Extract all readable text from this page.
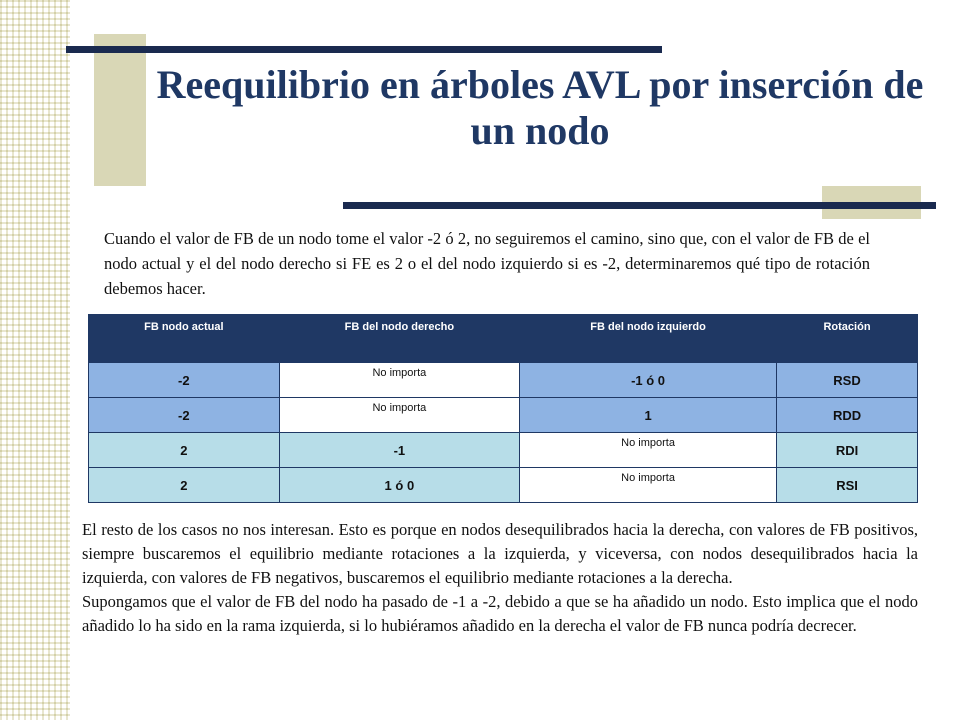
Reequilibrio en árboles AVL por inserción de un nodo

Cuando el valor de FB de un nodo tome el valor -2 ó 2, no seguiremos el camino, sino que, con el valor de FB de el nodo actual y el del nodo derecho si FE es 2 o el del nodo izquierdo si es -2, determinaremos qué tipo de rotación debemos hacer.

FB nodo actual	FB del nodo derecho	FB del nodo izquierdo	Rotación
-2	No importa	-1 ó 0	RSD
-2	No importa	1	RDD
2	-1	No importa	RDI
2	1 ó 0	No importa	RSI

El resto de los casos no nos interesan. Esto es porque en nodos desequilibrados hacia la derecha, con valores de FB positivos, siempre buscaremos el equilibrio mediante rotaciones a la izquierda, y viceversa, con nodos desequilibrados hacia la izquierda, con valores de FB negativos, buscaremos el equilibrio mediante rotaciones a la derecha.

Supongamos que el valor de FB del nodo ha pasado de -1 a -2, debido a que se ha añadido un nodo. Esto implica que el nodo añadido lo ha sido en la rama izquierda, si lo hubiéramos añadido en la derecha el valor de FB nunca podría decrecer.
